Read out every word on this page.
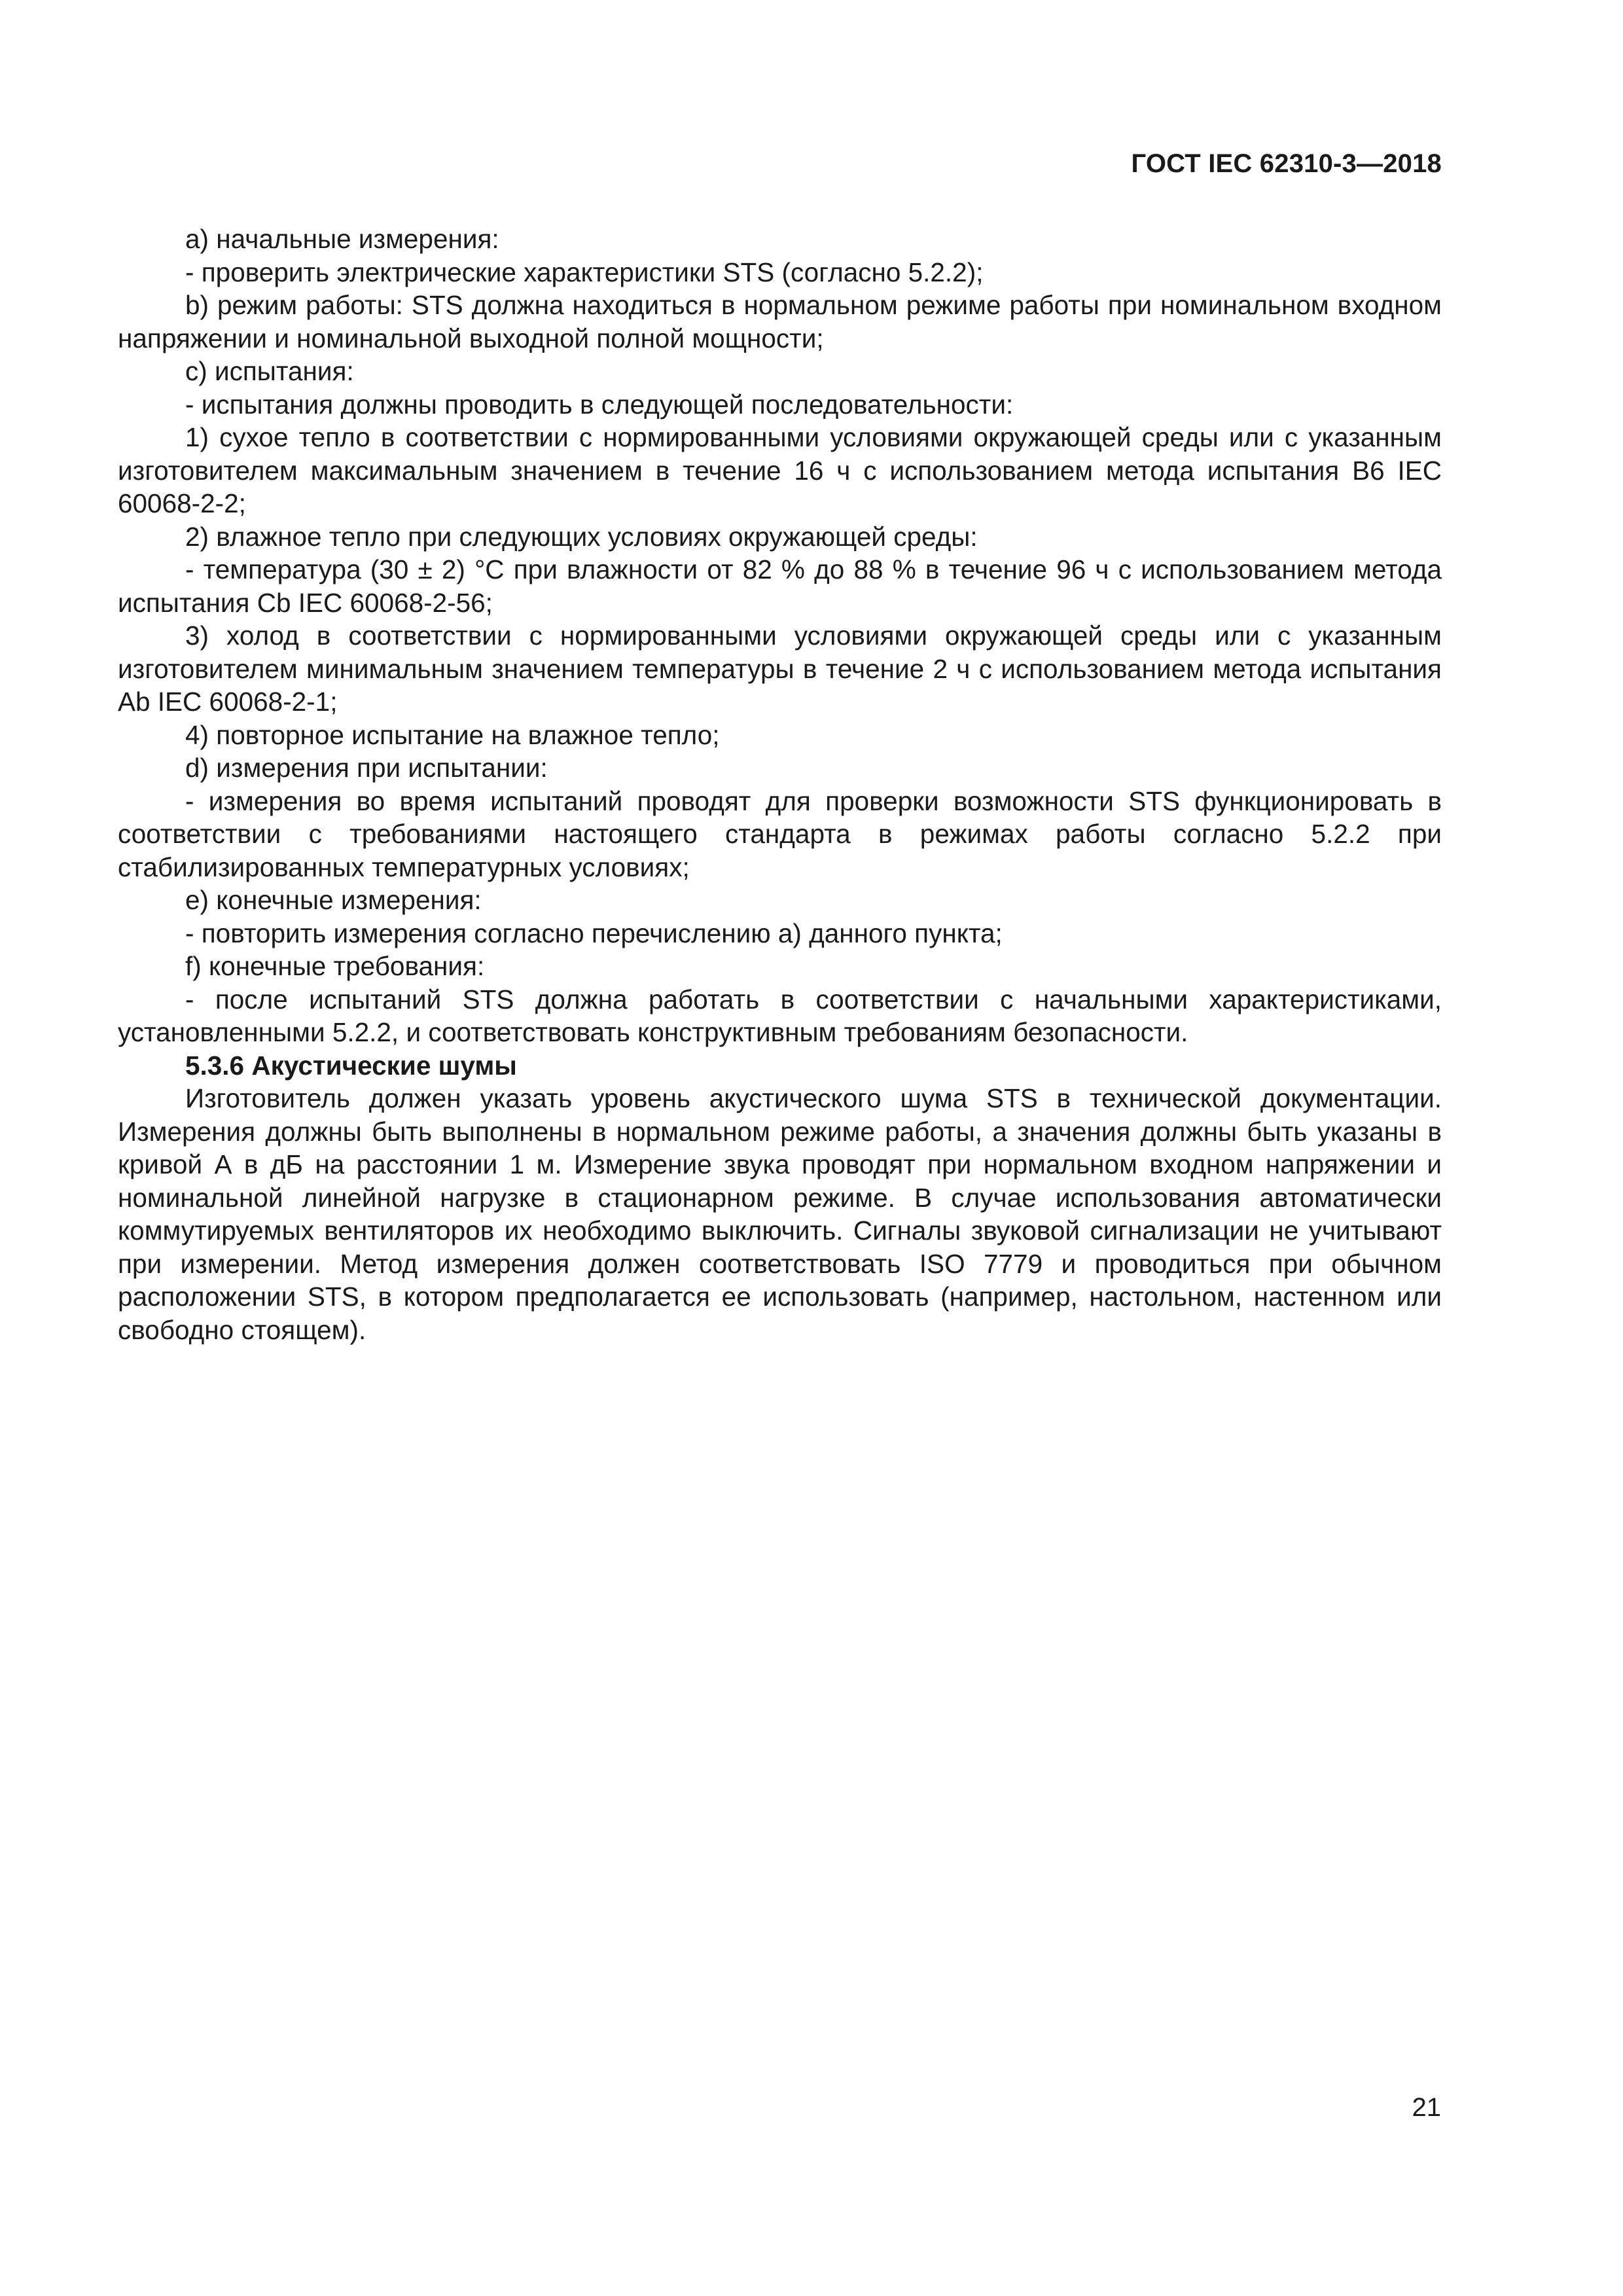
ГОСТ IEC 62310-3—2018

а) начальные измерения:

- проверить электрические характеристики STS (согласно 5.2.2);

b) режим работы: STS должна находиться в нормальном режиме работы при номинальном входном напряжении и номинальной выходной полной мощности;

c) испытания:

- испытания должны проводить в следующей последовательности:

1) сухое тепло в соответствии с нормированными условиями окружающей среды или с указанным изготовителем максимальным значением в течение 16 ч с использованием метода испытания B6 IEC 60068-2-2;

2) влажное тепло при следующих условиях окружающей среды:

- температура (30 ± 2) °С при влажности от 82 % до 88 % в течение 96 ч с использованием метода испытания Cb IEC 60068-2-56;

3) холод в соответствии с нормированными условиями окружающей среды или с указанным изготовителем минимальным значением температуры в течение 2 ч с использованием метода испытания Ab IEC 60068-2-1;

4) повторное испытание на влажное тепло;

d) измерения при испытании:

- измерения во время испытаний проводят для проверки возможности STS функционировать в соответствии с требованиями настоящего стандарта в режимах работы согласно 5.2.2 при стабилизированных температурных условиях;

e) конечные измерения:

- повторить измерения согласно перечислению а) данного пункта;

f) конечные требования:

- после испытаний STS должна работать в соответствии с начальными характеристиками, установленными 5.2.2, и соответствовать конструктивным требованиям безопасности.

5.3.6 Акустические шумы

Изготовитель должен указать уровень акустического шума STS в технической документации. Измерения должны быть выполнены в нормальном режиме работы, а значения должны быть указаны в кривой А в дБ на расстоянии 1 м. Измерение звука проводят при нормальном входном напряжении и номинальной линейной нагрузке в стационарном режиме. В случае использования автоматически коммутируемых вентиляторов их необходимо выключить. Сигналы звуковой сигнализации не учитывают при измерении. Метод измерения должен соответствовать ISO 7779 и проводиться при обычном расположении STS, в котором предполагается ее использовать (например, настольном, настенном или свободно стоящем).

21
